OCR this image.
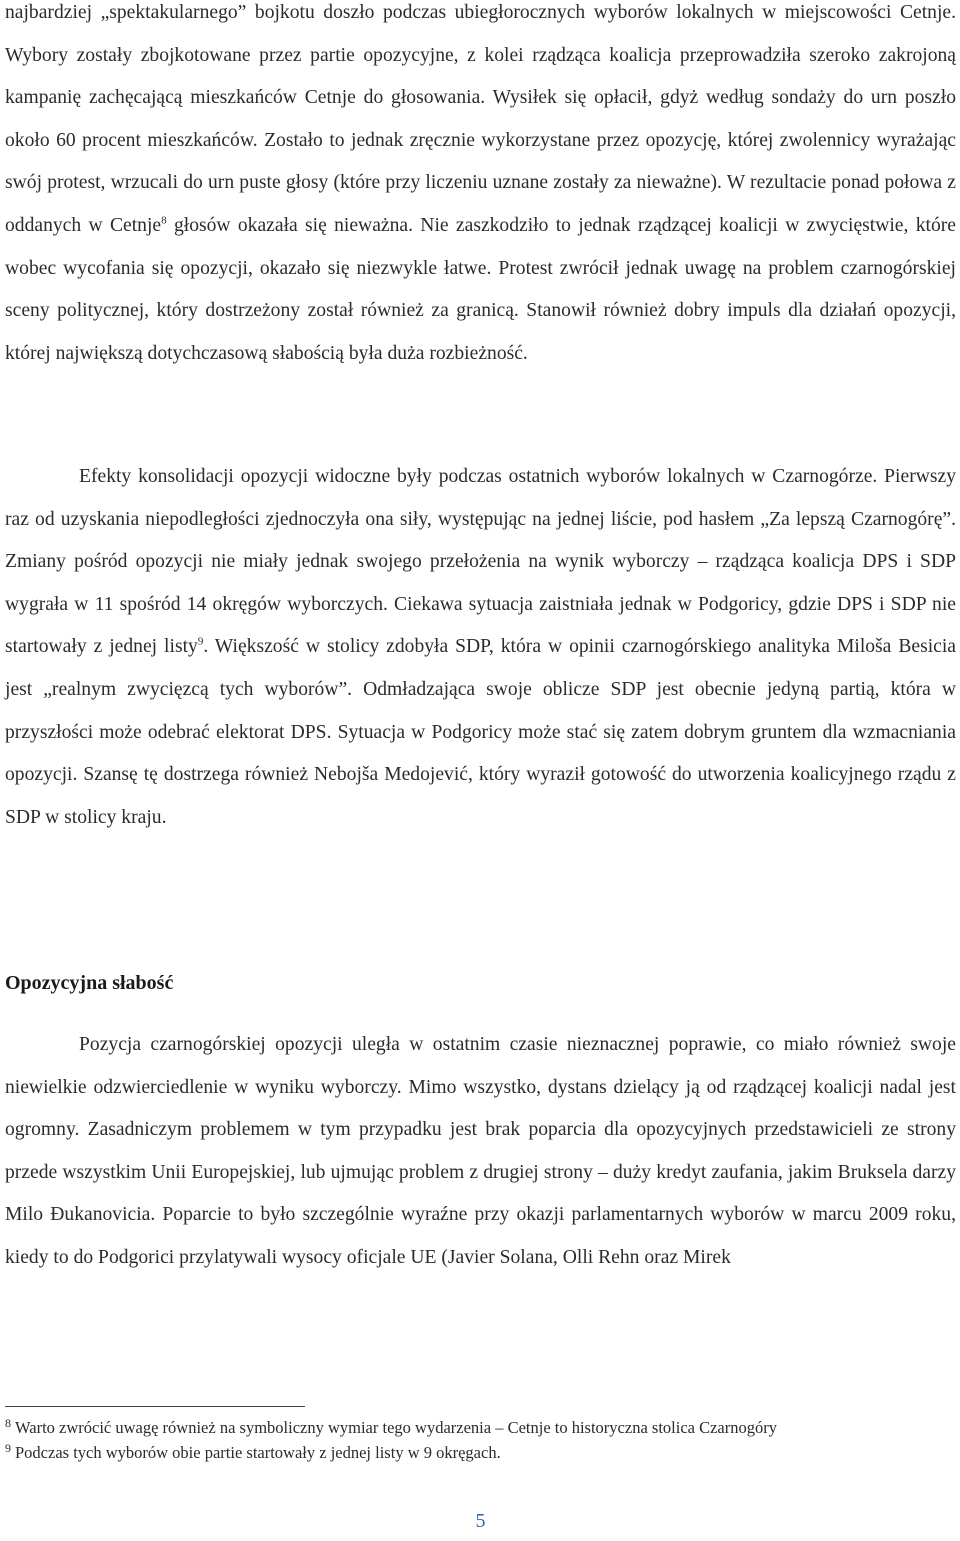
najbardziej „spektakularnego” bojkotu doszło podczas ubiegłorocznych wyborów lokalnych w miejscowości Cetnje. Wybory zostały zbojkotowane przez partie opozycyjne, z kolei rządząca koalicja przeprowadziła szeroko zakrojoną kampanię zachęcającą mieszkańców Cetnje do głosowania. Wysiłek się opłacił, gdyż według sondaży do urn poszło około 60 procent mieszkańców. Zostało to jednak zręcznie wykorzystane przez opozycję, której zwolennicy wyrażając swój protest, wrzucali do urn puste głosy (które przy liczeniu uznane zostały za nieważne). W rezultacie ponad połowa z oddanych w Cetnje$^8$ głosów okazała się nieważna. Nie zaszkodziło to jednak rządzącej koalicji w zwycięstwie, które wobec wycofania się opozycji, okazało się niezwykle łatwe. Protest zwrócił jednak uwagę na problem czarnogórskiej sceny politycznej, który dostrzeżony został również za granicą. Stanowił również dobry impuls dla działań opozycji, której największą dotychczasową słabością była duża rozbieżność.

Efekty konsolidacji opozycji widoczne były podczas ostatnich wyborów lokalnych w Czarnogórze. Pierwszy raz od uzyskania niepodległości zjednoczyła ona siły, występując na jednej liście, pod hasłem „Za lepszą Czarnogórę”. Zmiany pośród opozycji nie miały jednak swojego przełożenia na wynik wyborczy – rządząca koalicja DPS i SDP wygrała w 11 spośród 14 okręgów wyborczych. Ciekawa sytuacja zaistniała jednak w Podgoricy, gdzie DPS i SDP nie startowały z jednej listy$^9$. Większość w stolicy zdobyła SDP, która w opinii czarnogórskiego analityka Miloša Besicia jest „realnym zwycięzcą tych wyborów”. Odmładzająca swoje oblicze SDP jest obecnie jedyną partią, która w przyszłości może odebrać elektorat DPS. Sytuacja w Podgoricy może stać się zatem dobrym gruntem dla wzmacniania opozycji. Szansę tę dostrzega również Nebojša Medojević, który wyraził gotowość do utworzenia koalicyjnego rządu z SDP w stolicy kraju.

Opozycyjna słabość

Pozycja czarnogórskiej opozycji uległa w ostatnim czasie nieznacznej poprawie, co miało również swoje niewielkie odzwierciedlenie w wyniku wyborczy. Mimo wszystko, dystans dzielący ją od rządzącej koalicji nadal jest ogromny. Zasadniczym problemem w tym przypadku jest brak poparcia dla opozycyjnych przedstawicieli ze strony przede wszystkim Unii Europejskiej, lub ujmując problem z drugiej strony – duży kredyt zaufania, jakim Bruksela darzy Milo Đukanovicia. Poparcie to było szczególnie wyraźne przy okazji parlamentarnych wyborów w marcu 2009 roku, kiedy to do Podgorici przylatywali wysocy oficjale UE (Javier Solana, Olli Rehn oraz Mirek

$^8$ Warto zwrócić uwagę również na symboliczny wymiar tego wydarzenia – Cetnje to historyczna stolica Czarnogóry

$^9$ Podczas tych wyborów obie partie startowały z jednej listy w 9 okręgach.

5
